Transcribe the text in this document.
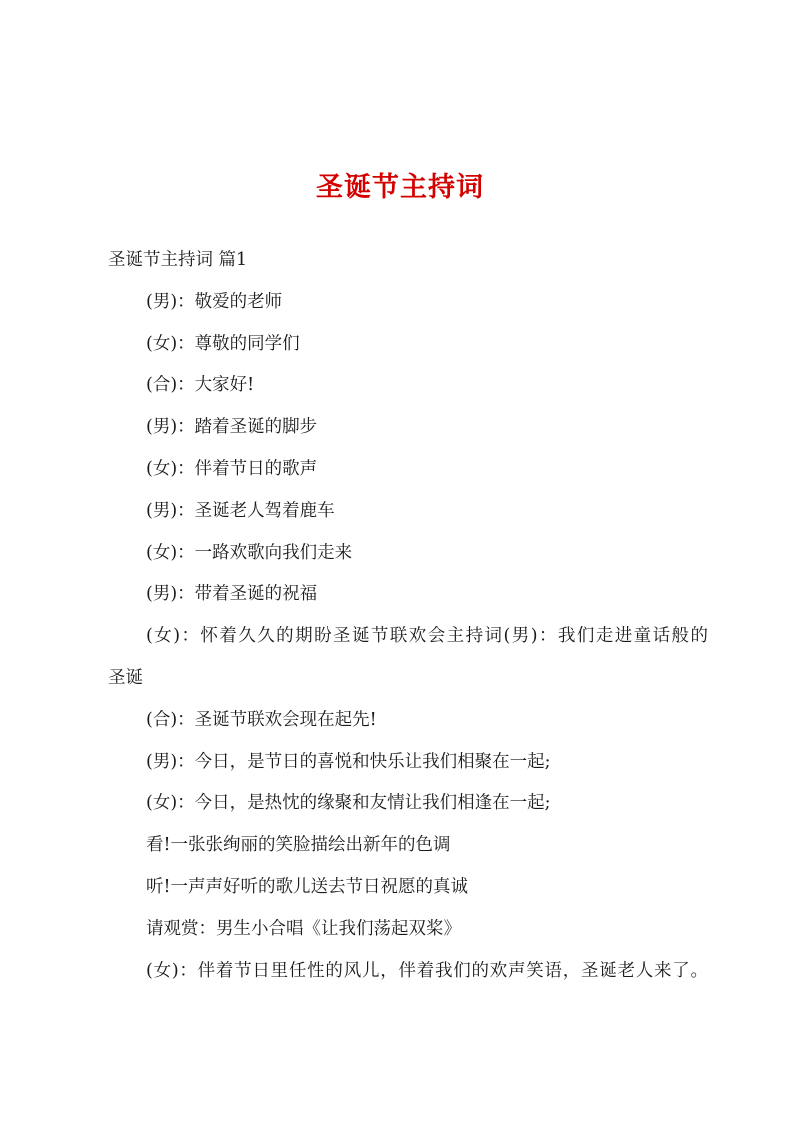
圣诞节主持词
圣诞节主持词 篇1
(男)：敬爱的老师
(女)：尊敬的同学们
(合)：大家好!
(男)：踏着圣诞的脚步
(女)：伴着节日的歌声
(男)：圣诞老人驾着鹿车
(女)：一路欢歌向我们走来
(男)：带着圣诞的祝福
(女)：怀着久久的期盼圣诞节联欢会主持词(男)：我们走进童话般的
圣诞
(合)：圣诞节联欢会现在起先!
(男)：今日，是节日的喜悦和快乐让我们相聚在一起;
(女)：今日，是热忱的缘聚和友情让我们相逢在一起;
看!一张张绚丽的笑脸描绘出新年的色调
听!一声声好听的歌儿送去节日祝愿的真诚
请观赏：男生小合唱《让我们荡起双桨》
(女)：伴着节日里任性的风儿，伴着我们的欢声笑语，圣诞老人来了。
